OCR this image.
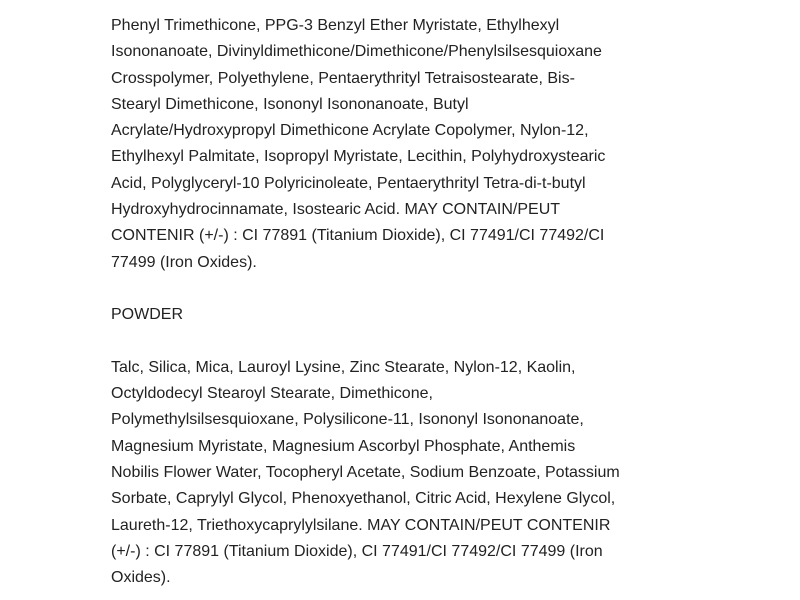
Phenyl Trimethicone, PPG-3 Benzyl Ether Myristate, Ethylhexyl
Isononanoate, Divinyldimethicone/Dimethicone/Phenylsilsesquioxane
Crosspolymer, Polyethylene, Pentaerythrityl Tetraisostearate, Bis-
Stearyl Dimethicone, Isononyl Isononanoate, Butyl
Acrylate/Hydroxypropyl Dimethicone Acrylate Copolymer, Nylon-12,
Ethylhexyl Palmitate, Isopropyl Myristate, Lecithin, Polyhydroxystearic
Acid, Polyglyceryl-10 Polyricinoleate, Pentaerythrityl Tetra-di-t-butyl
Hydroxyhydrocinnamate, Isostearic Acid. MAY CONTAIN/PEUT
CONTENIR (+/-) : CI 77891 (Titanium Dioxide), CI 77491/CI 77492/CI
77499 (Iron Oxides).
POWDER
Talc, Silica, Mica, Lauroyl Lysine, Zinc Stearate, Nylon-12, Kaolin,
Octyldodecyl Stearoyl Stearate, Dimethicone,
Polymethylsilsesquioxane, Polysilicone-11, Isononyl Isononanoate,
Magnesium Myristate, Magnesium Ascorbyl Phosphate, Anthemis
Nobilis Flower Water, Tocopheryl Acetate, Sodium Benzoate, Potassium
Sorbate, Caprylyl Glycol, Phenoxyethanol, Citric Acid, Hexylene Glycol,
Laureth-12, Triethoxycaprylylsilane. MAY CONTAIN/PEUT CONTENIR
(+/-) : CI 77891 (Titanium Dioxide), CI 77491/CI 77492/CI 77499 (Iron
Oxides).
